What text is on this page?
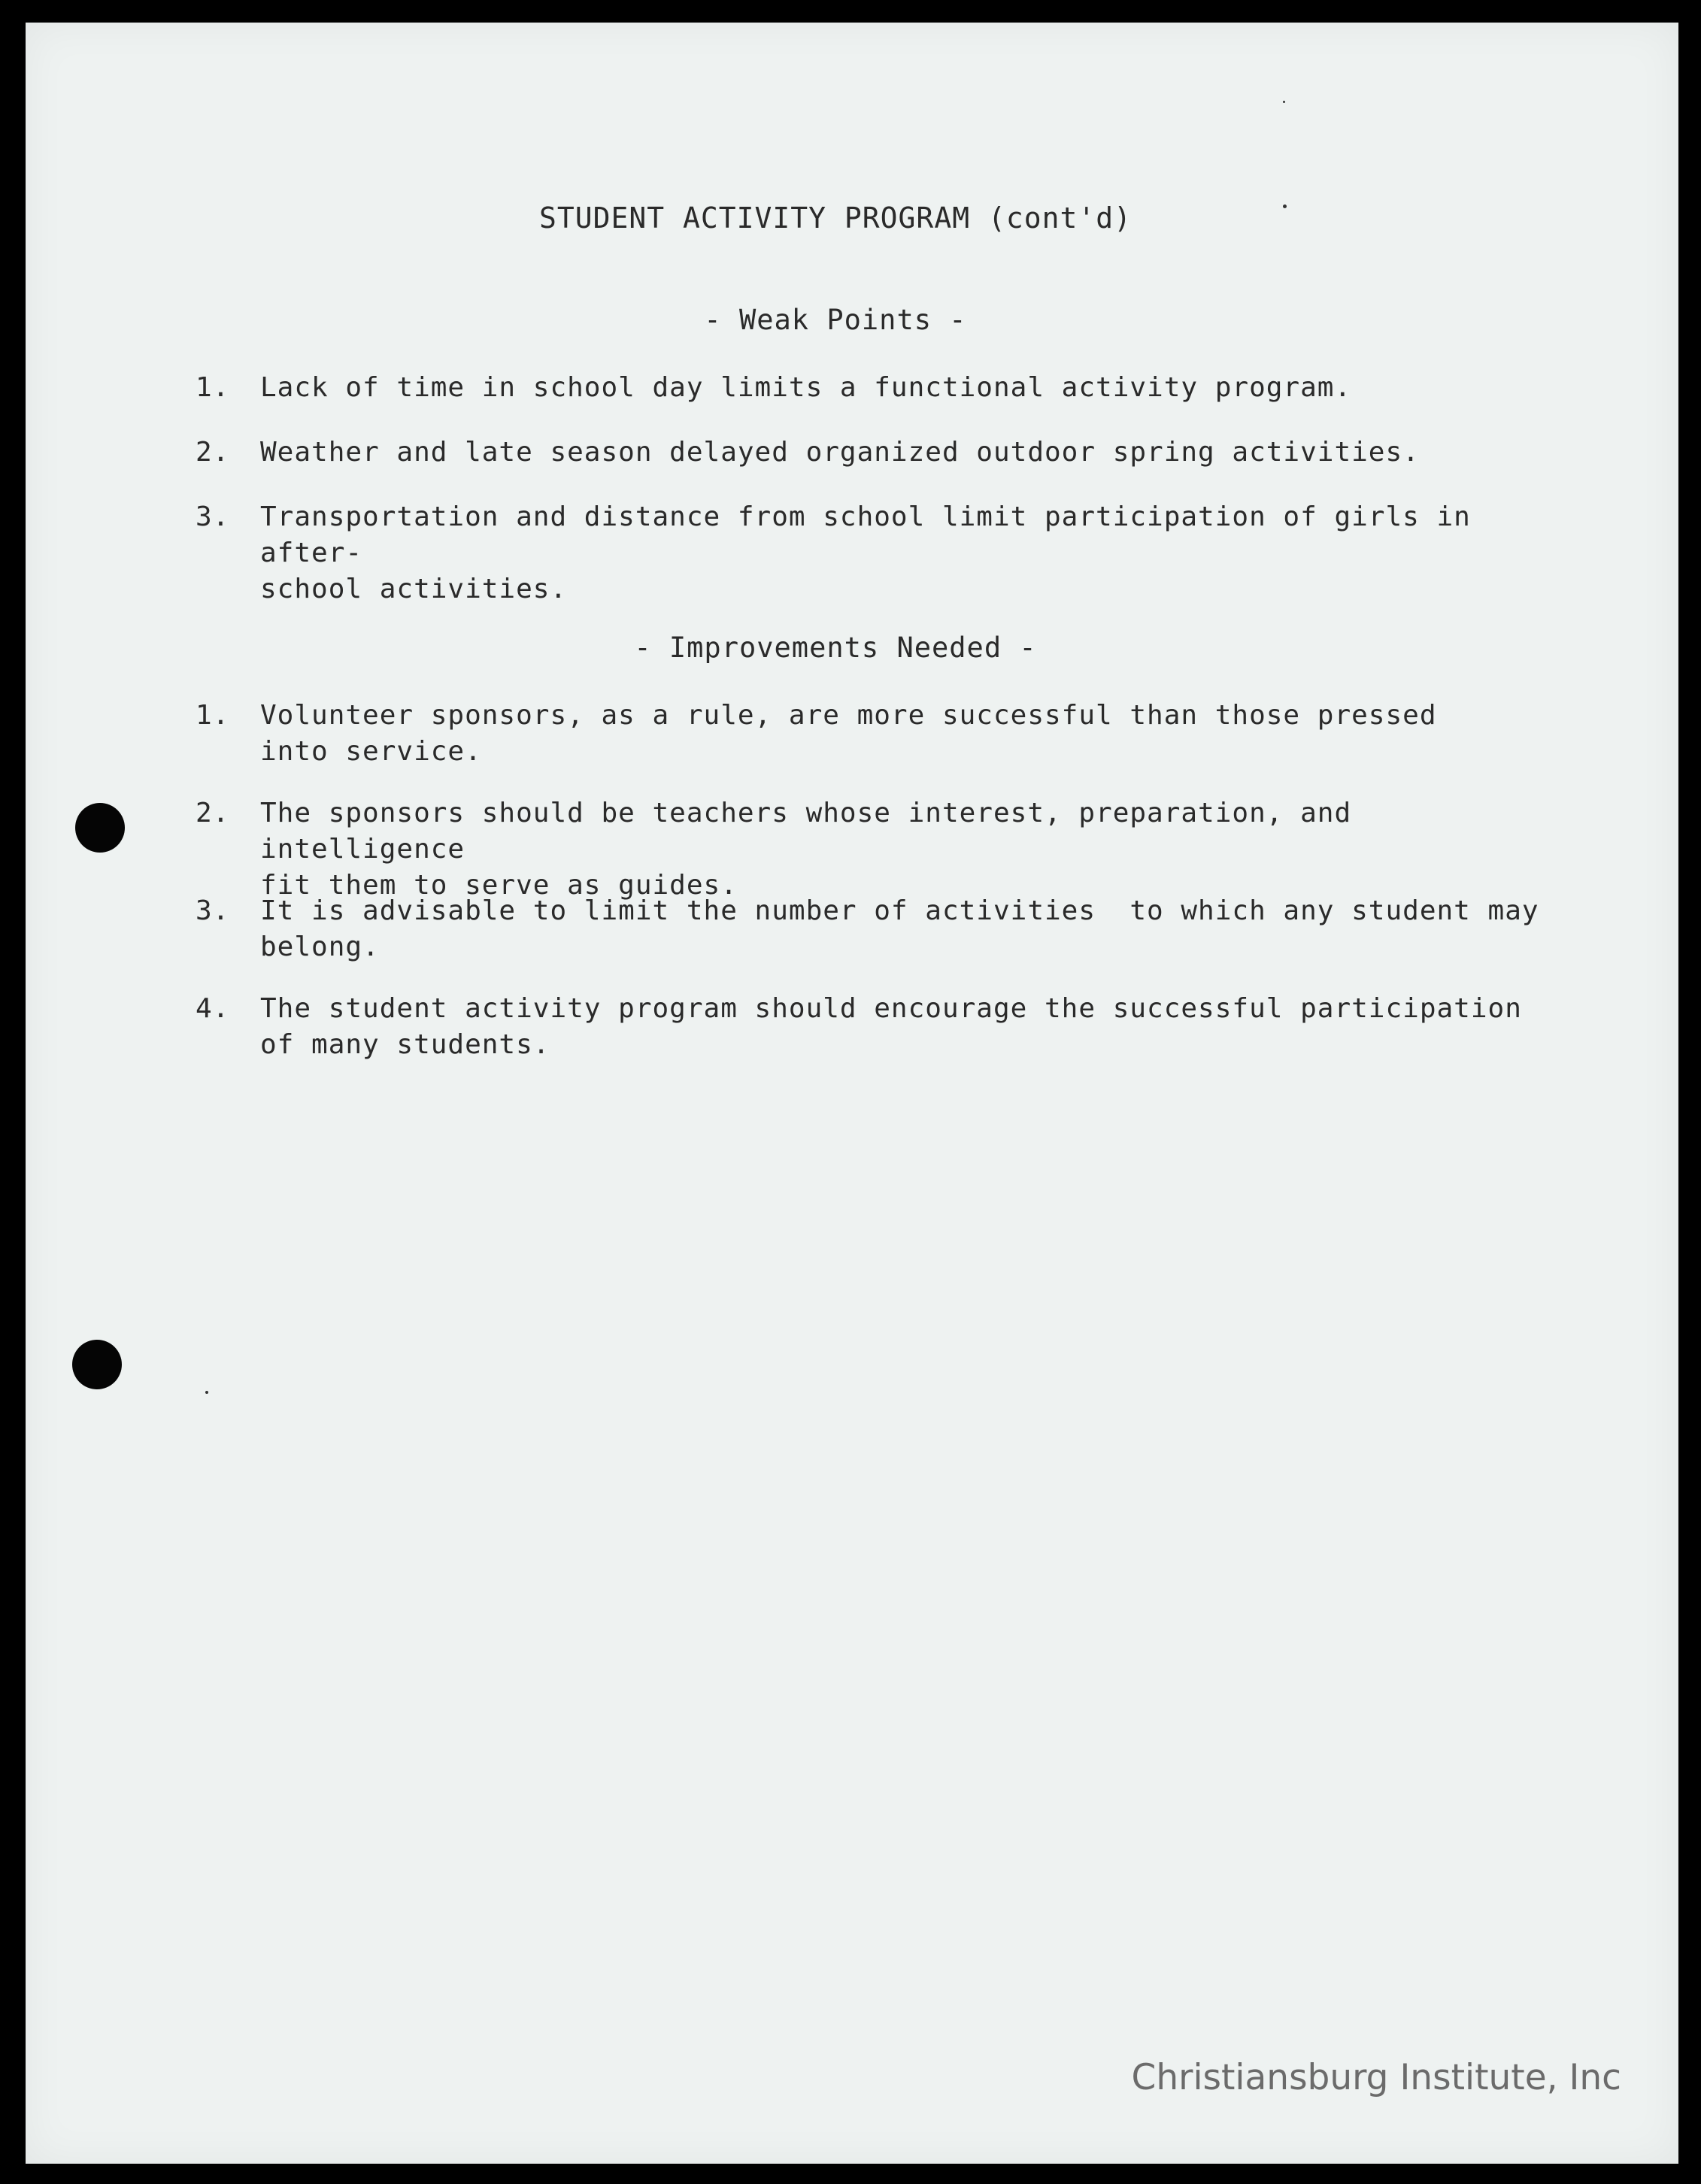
STUDENT ACTIVITY PROGRAM (cont'd)
- Weak Points -
1.	Lack of time in school day limits a functional activity program.
2.	Weather and late season delayed organized outdoor spring activities.
3.	Transportation and distance from school limit participation of girls in after-
school activities.
- Improvements Needed -
1.	Volunteer sponsors, as a rule, are more successful than those pressed
into service.
2.	The sponsors should be teachers whose interest, preparation, and intelligence
fit them to serve as guides.
3.	It is advisable to limit the number of activities  to which any student may
belong.
4.	The student activity program should encourage the successful participation
of many students.
Christiansburg Institute, Inc
